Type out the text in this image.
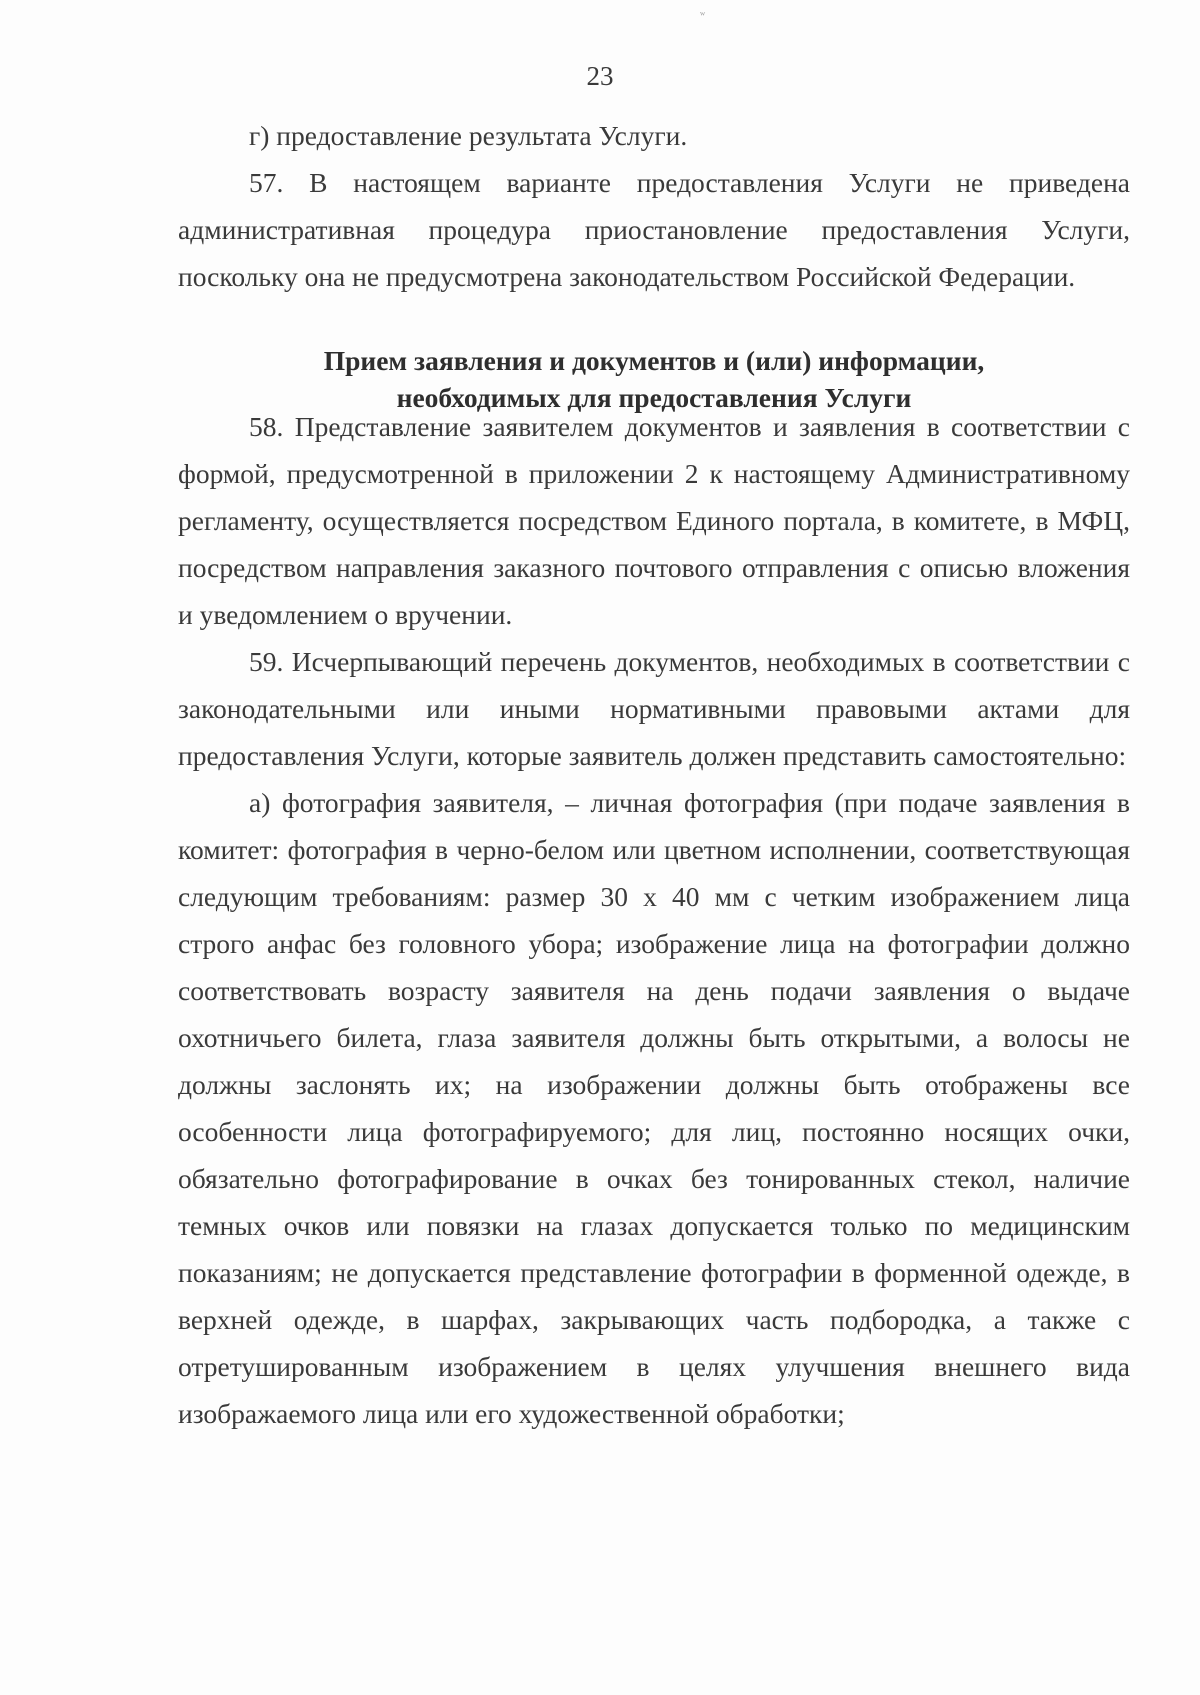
ʷ
23

г) предоставление результата Услуги.

57. В настоящем варианте предоставления Услуги не приведена административная процедура приостановление предоставления Услуги, поскольку она не предусмотрена законодательством Российской Федерации.

Прием заявления и документов и (или) информации,
необходимых для предоставления Услуги

58. Представление заявителем документов и заявления в соответствии с формой, предусмотренной в приложении 2 к настоящему Административному регламенту, осуществляется посредством Единого портала, в комитете, в МФЦ, посредством направления заказного почтового отправления с описью вложения и уведомлением о вручении.

59. Исчерпывающий перечень документов, необходимых в соответствии с законодательными или иными нормативными правовыми актами для предоставления Услуги, которые заявитель должен представить самостоятельно:

а) фотография заявителя, – личная фотография (при подаче заявления в комитет: фотография в черно-белом или цветном исполнении, соответствующая следующим требованиям: размер 30 х 40 мм с четким изображением лица строго анфас без головного убора; изображение лица на фотографии должно соответствовать возрасту заявителя на день подачи заявления о выдаче охотничьего билета, глаза заявителя должны быть открытыми, а волосы не должны заслонять их; на изображении должны быть отображены все особенности лица фотографируемого; для лиц, постоянно носящих очки, обязательно фотографирование в очках без тонированных стекол, наличие темных очков или повязки на глазах допускается только по медицинским показаниям; не допускается представление фотографии в форменной одежде, в верхней одежде, в шарфах, закрывающих часть подбородка, а также с отретушированным изображением в целях улучшения внешнего вида изображаемого лица или его художественной обработки;
